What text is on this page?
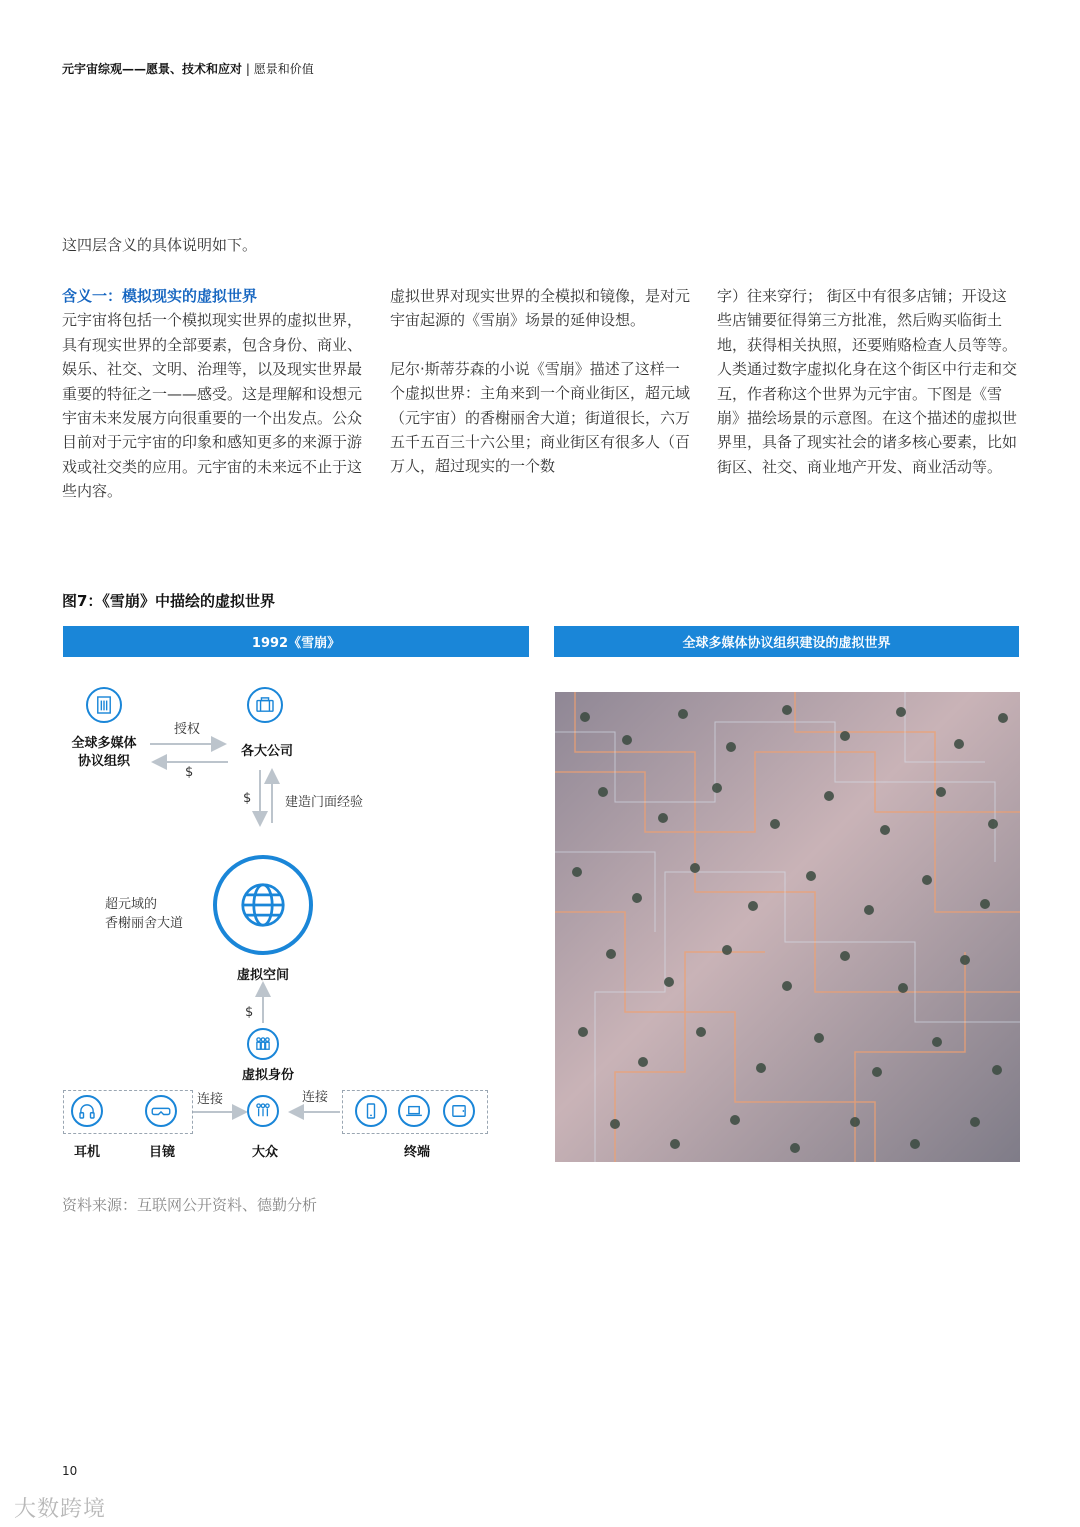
元宇宙综观——愿景、技术和应对 | 愿景和价值
这四层含义的具体说明如下。

含义一：模拟现实的虚拟世界

元宇宙将包括一个模拟现实世界的虚拟世界，具有现实世界的全部要素，包含身份、商业、娱乐、社交、文明、治理等，以及现实世界最重要的特征之一——感受。这是理解和设想元宇宙未来发展方向很重要的一个出发点。公众目前对于元宇宙的印象和感知更多的来源于游戏或社交类的应用。元宇宙的未来远不止于这些内容。

虚拟世界对现实世界的全模拟和镜像，是对元宇宙起源的《雪崩》场景的延伸设想。

尼尔·斯蒂芬森的小说《雪崩》描述了这样一个虚拟世界：主角来到一个商业街区，超元域（元宇宙）的香榭丽舍大道；街道很长，六万五千五百三十六公里；商业街区有很多人（百万人，超过现实的一个数

字）往来穿行； 街区中有很多店铺；开设这些店铺要征得第三方批准，然后购买临街土地，获得相关执照，还要贿赂检查人员等等。人类通过数字虚拟化身在这个街区中行走和交互，作者称这个世界为元宇宙。下图是《雪崩》描绘场景的示意图。在这个描述的虚拟世界里，具备了现实社会的诸多核心要素，比如街区、社交、商业地产开发、商业活动等。

图7：《雪崩》中描绘的虚拟世界
1992《雪崩》	全球多媒体协议组织建设的虚拟世界
全球多媒体
协议组织
各大公司
授权
$
$	建造门面经验
超元域的
香榭丽舍大道
虚拟空间
$
虚拟身份
连接	连接
耳机	目镜	大众	终端
资料来源：互联网公开资料、德勤分析
10
大数跨境
